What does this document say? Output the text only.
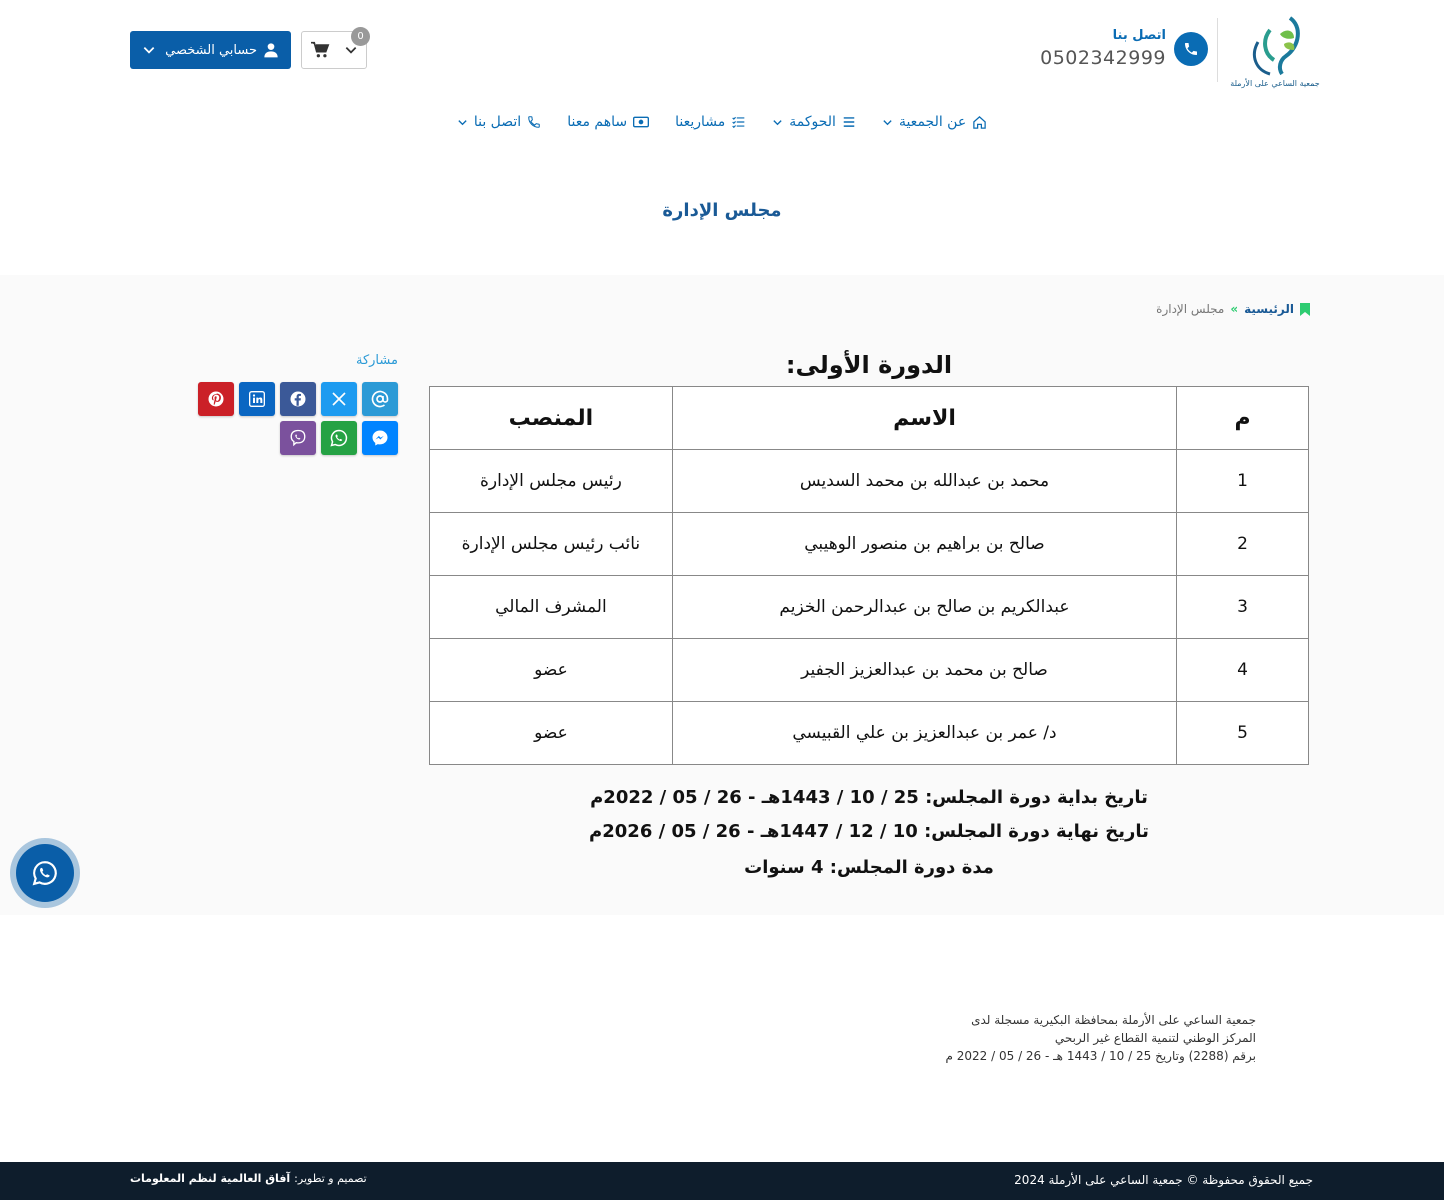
جمعية الساعي على الأرملة
اتصل بنا
0502342999
0
حسابي الشخصي
عن الجمعية
الحوكمة
مشاريعنا
ساهم معنا
اتصل بنا
مجلس الإدارة
الرئيسية
»
مجلس الإدارة
مشاركة	الدورة الأولى:
م	الاسم	المنصب
1	محمد بن عبدالله بن محمد السديس	رئيس مجلس الإدارة
2	صالح بن براهيم بن منصور الوهيبي	نائب رئيس مجلس الإدارة
3	عبدالكريم بن صالح بن عبدالرحمن الخزيم	المشرف المالي
4	صالح بن محمد بن عبدالعزيز الجفير	عضو
5	د/ عمر بن عبدالعزيز بن علي القبيسي	عضو
تاريخ بداية دورة المجلس: 25 / 10 / 1443هـ - 26 / 05 / 2022م
تاريخ نهاية دورة المجلس: 10 / 12 / 1447هـ - 26 / 05 / 2026م
مدة دورة المجلس: 4 سنوات
جمعية الساعي على الأرملة بمحافظة البكيرية مسجلة لدى
المركز الوطني لتنمية القطاع غير الربحي
برقم (2288) وتاريخ 25 / 10 / 1443 هـ - 26 / 05 / 2022 م
جميع الحقوق محفوظة © جمعية الساعي على الأرملة 2024
تصميم و تطوير:
آفاق العالمية لنظم المعلومات
